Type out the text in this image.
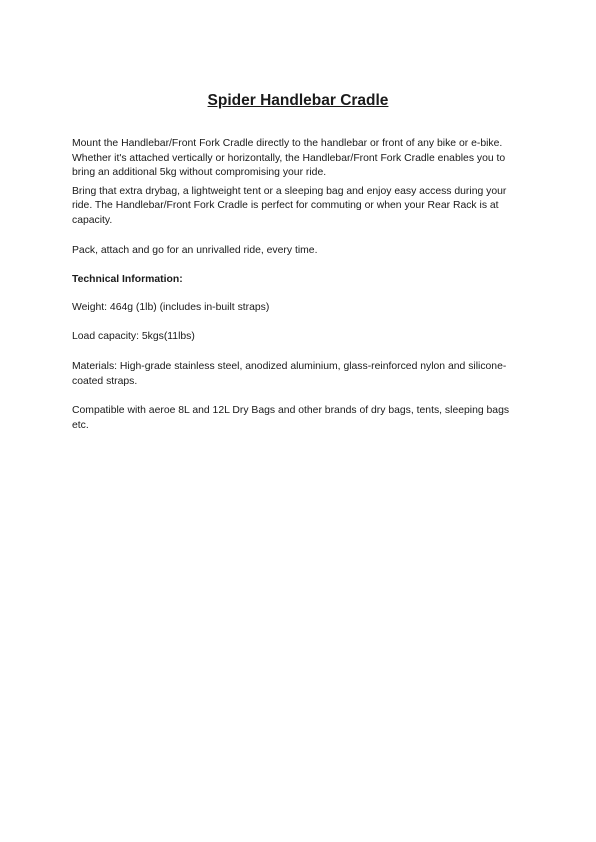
Spider Handlebar Cradle

Mount the Handlebar/Front Fork Cradle directly to the handlebar or front of any bike or e-bike. Whether it's attached vertically or horizontally, the Handlebar/Front Fork Cradle enables you to bring an additional 5kg without compromising your ride.

Bring that extra drybag, a lightweight tent or a sleeping bag and enjoy easy access during your ride. The Handlebar/Front Fork Cradle is perfect for commuting or when your Rear Rack is at capacity.

Pack, attach and go for an unrivalled ride, every time.

Technical Information:

Weight: 464g (1lb) (includes in-built straps)

Load capacity: 5kgs(11lbs)

Materials: High-grade stainless steel, anodized aluminium, glass-reinforced nylon and silicone-coated straps.

Compatible with aeroe 8L and 12L Dry Bags and other brands of dry bags, tents, sleeping bags etc.
